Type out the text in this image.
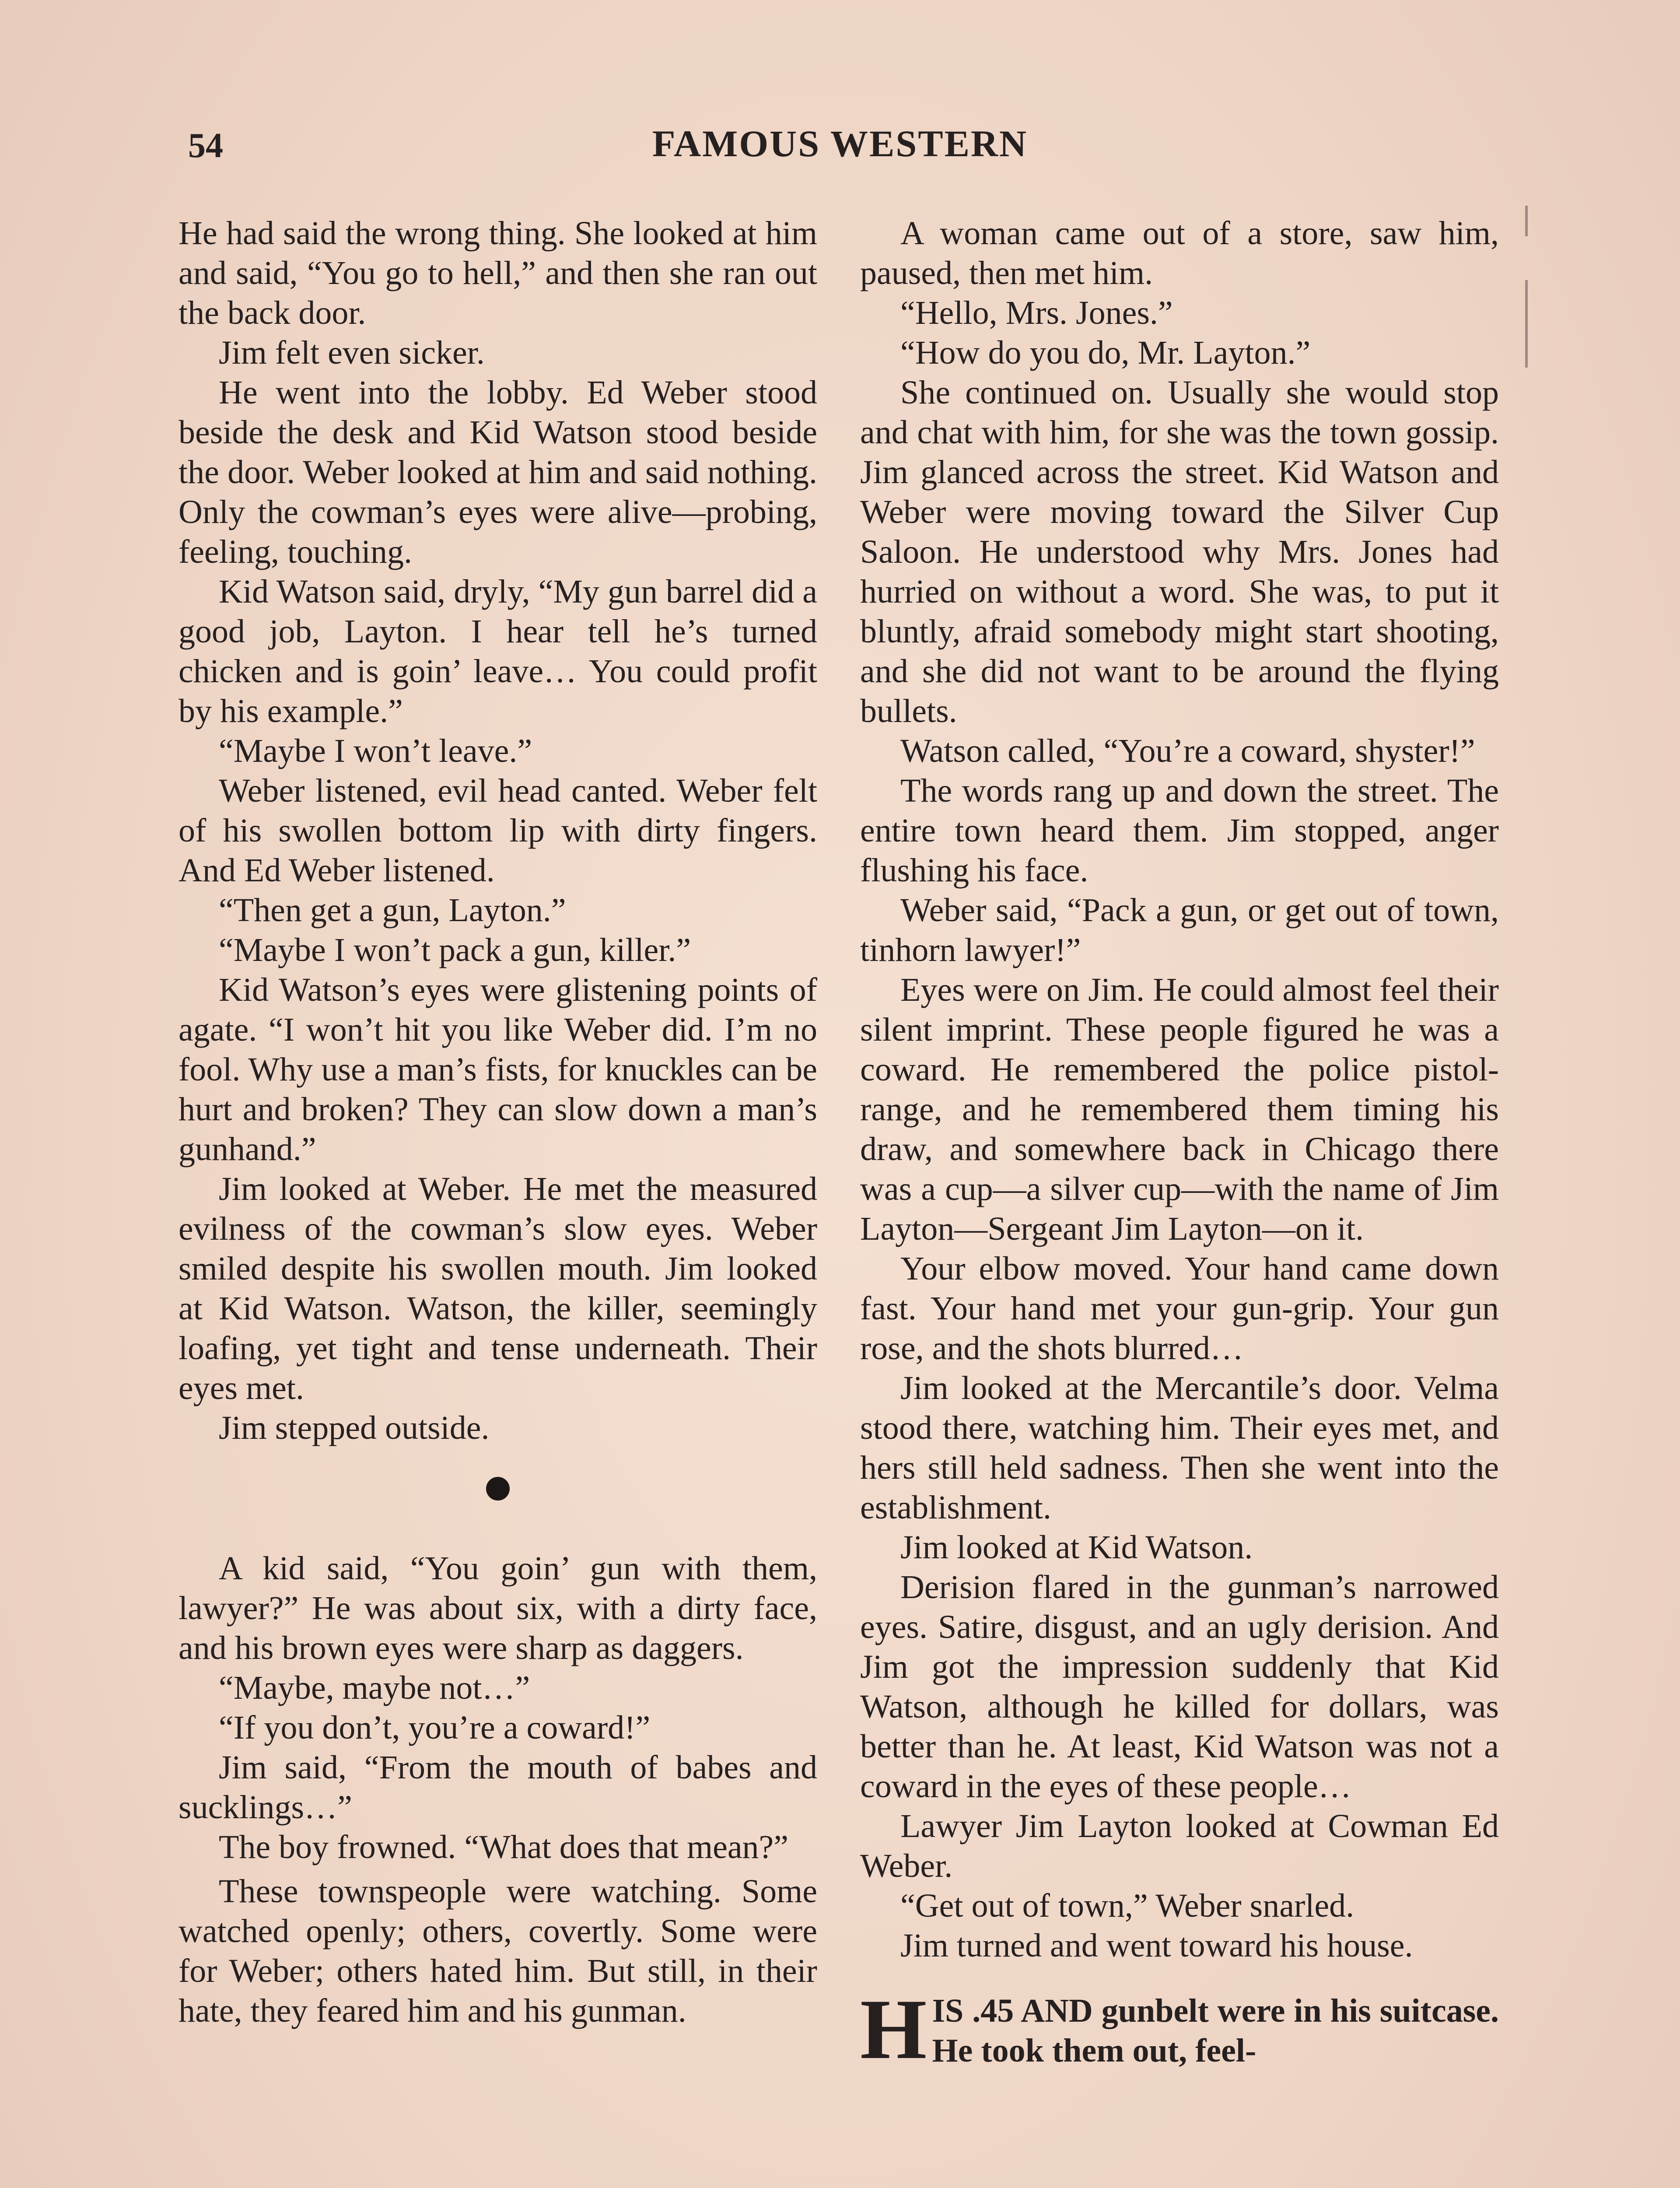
54	FAMOUS WESTERN

He had said the wrong thing. She looked at him and said, “You go to hell,” and then she ran out the back door.

Jim felt even sicker.

He went into the lobby. Ed Weber stood beside the desk and Kid Watson stood beside the door. Weber looked at him and said nothing. Only the cowman’s eyes were alive—probing, feeling, touching.

Kid Watson said, dryly, “My gun barrel did a good job, Layton. I hear tell he’s turned chicken and is goin’ leave… You could profit by his example.”

“Maybe I won’t leave.”

Weber listened, evil head canted. Weber felt of his swollen bottom lip with dirty fingers. And Ed Weber listened.

“Then get a gun, Layton.”

“Maybe I won’t pack a gun, killer.”

Kid Watson’s eyes were glistening points of agate. “I won’t hit you like Weber did. I’m no fool. Why use a man’s fists, for knuckles can be hurt and broken? They can slow down a man’s gunhand.”

Jim looked at Weber. He met the measured evilness of the cowman’s slow eyes. Weber smiled despite his swollen mouth. Jim looked at Kid Watson. Watson, the killer, seemingly loafing, yet tight and tense underneath. Their eyes met.

Jim stepped outside.

A kid said, “You goin’ gun with them, lawyer?” He was about six, with a dirty face, and his brown eyes were sharp as daggers.

“Maybe, maybe not…”

“If you don’t, you’re a coward!”

Jim said, “From the mouth of babes and sucklings…”

The boy frowned. “What does that mean?”

These townspeople were watching. Some watched openly; others, covertly. Some were for Weber; others hated him. But still, in their hate, they feared him and his gunman.

A woman came out of a store, saw him, paused, then met him.

“Hello, Mrs. Jones.”

“How do you do, Mr. Layton.”

She continued on. Usually she would stop and chat with him, for she was the town gossip. Jim glanced across the street. Kid Watson and Weber were moving toward the Silver Cup Saloon. He understood why Mrs. Jones had hurried on without a word. She was, to put it bluntly, afraid somebody might start shooting, and she did not want to be around the flying bullets.

Watson called, “You’re a coward, shyster!”

The words rang up and down the street. The entire town heard them. Jim stopped, anger flushing his face.

Weber said, “Pack a gun, or get out of town, tinhorn lawyer!”

Eyes were on Jim. He could almost feel their silent imprint. These people figured he was a coward. He remembered the police pistol-range, and he remembered them timing his draw, and somewhere back in Chicago there was a cup—a silver cup—with the name of Jim Layton—Sergeant Jim Layton—on it.

Your elbow moved. Your hand came down fast. Your hand met your gun-grip. Your gun rose, and the shots blurred…

Jim looked at the Mercantile’s door. Velma stood there, watching him. Their eyes met, and hers still held sadness. Then she went into the establishment.

Jim looked at Kid Watson.

Derision flared in the gunman’s narrowed eyes. Satire, disgust, and an ugly derision. And Jim got the impression suddenly that Kid Watson, although he killed for dollars, was better than he. At least, Kid Watson was not a coward in the eyes of these people…

Lawyer Jim Layton looked at Cowman Ed Weber.

“Get out of town,” Weber snarled.

Jim turned and went toward his house.

H IS .45 AND gunbelt were in his suitcase. He took them out, feel-
